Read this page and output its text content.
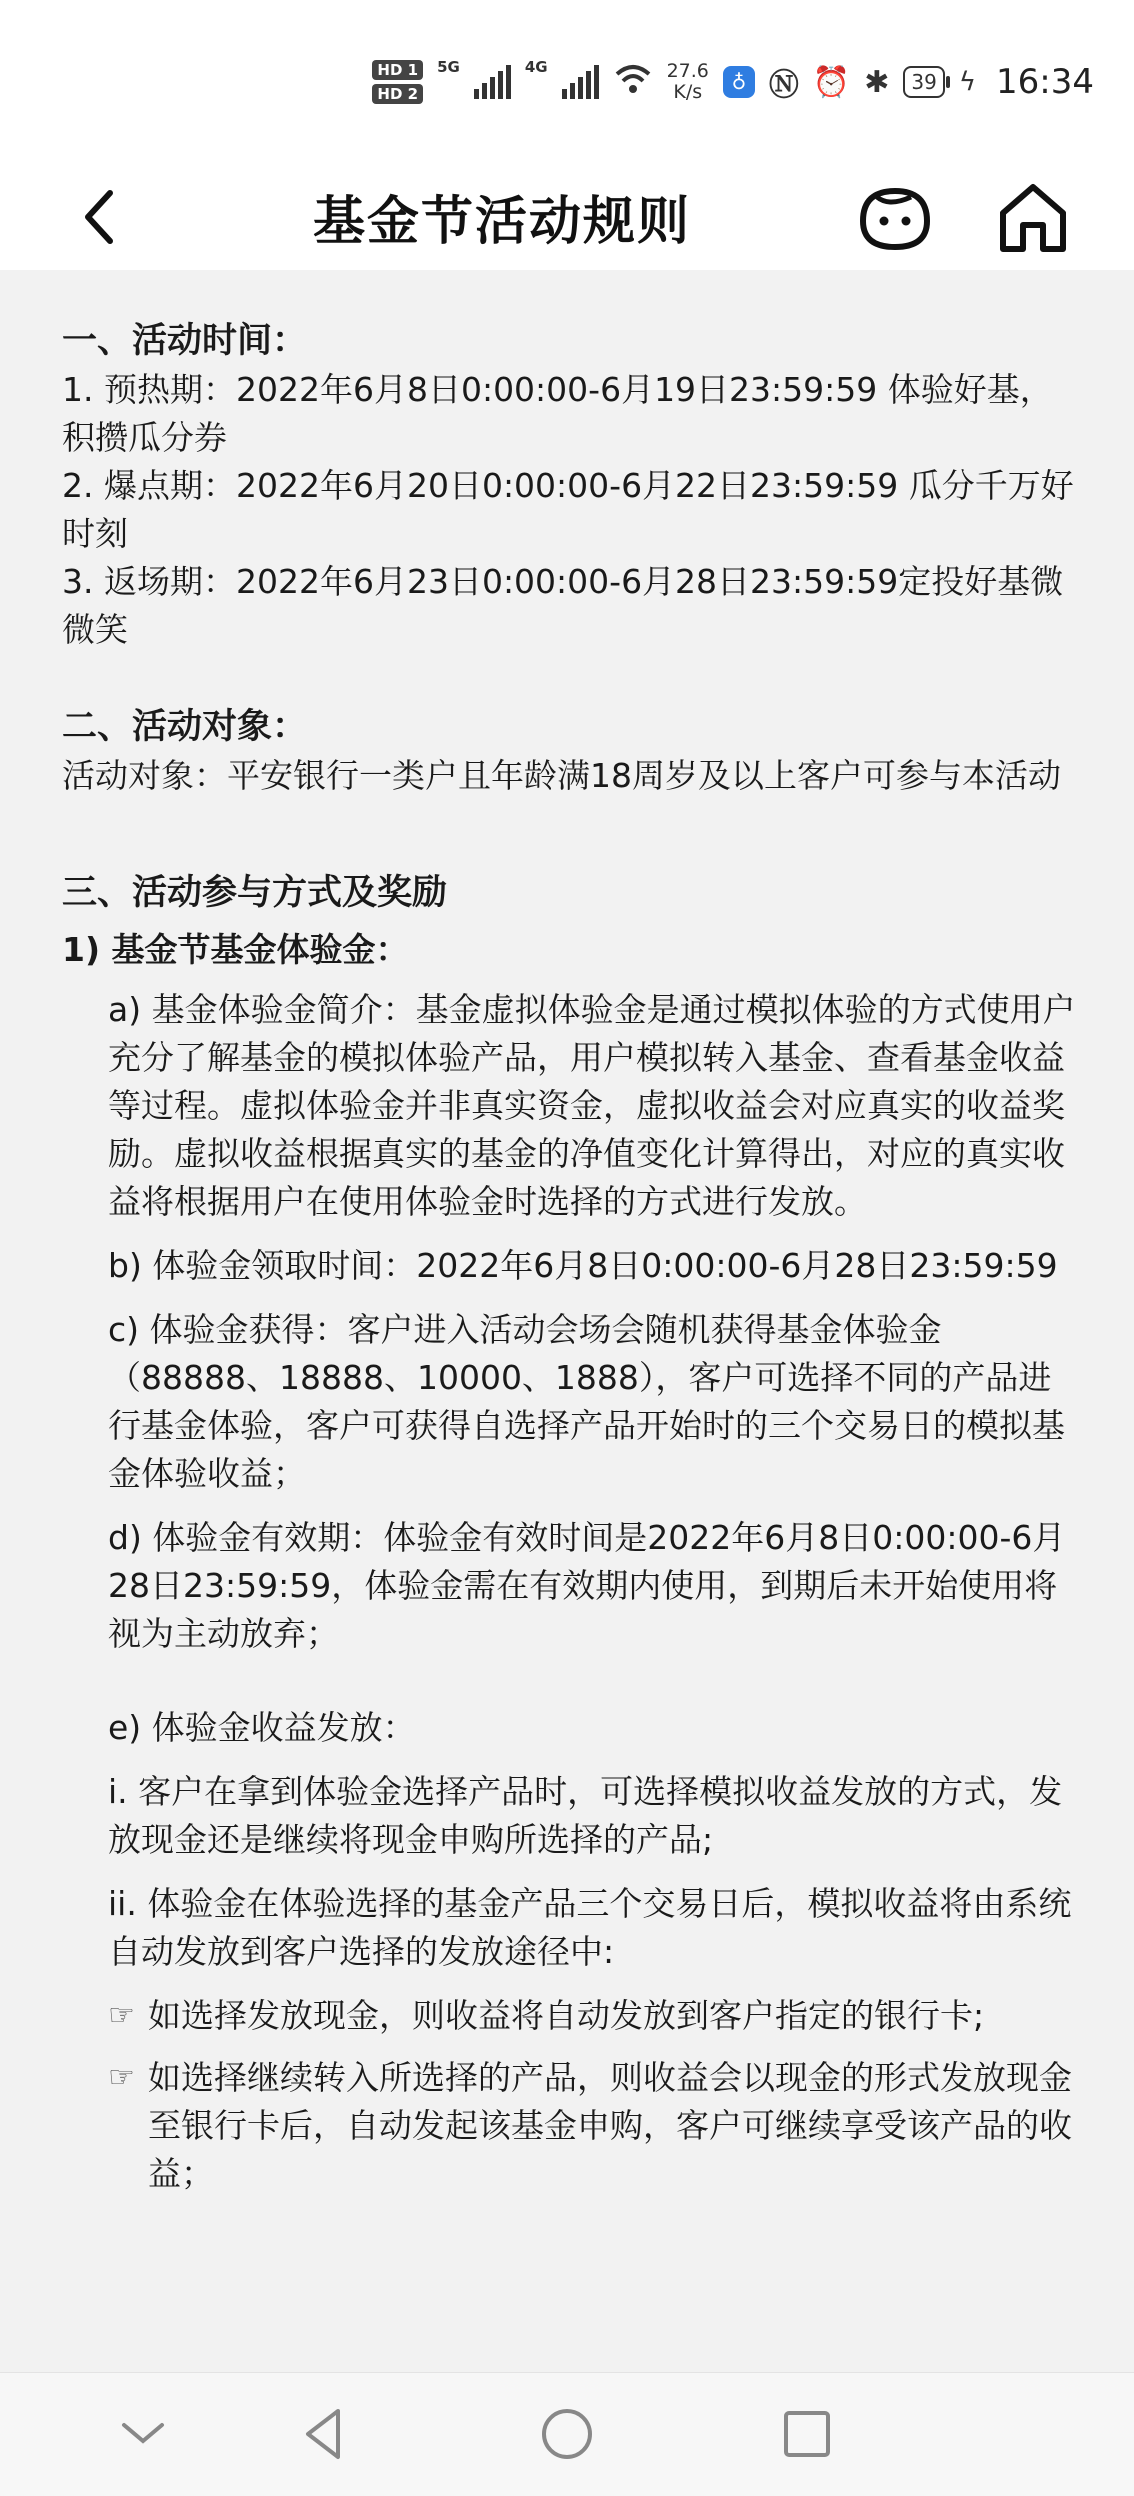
HD 1
HD 2
5G	4G	27.6
K/s	♁ Ⓝ ⏰ ✱	39 ϟ 16:34
基金节活动规则
一、活动时间：

1. 预热期：2022年6月8日0:00:00-6月19日23:59:59 体验好基，积攒瓜分券

2. 爆点期：2022年6月20日0:00:00-6月22日23:59:59 瓜分千万好时刻

3. 返场期：2022年6月23日0:00:00-6月28日23:59:59定投好基微微笑

二、活动对象：

活动对象：平安银行一类户且年龄满18周岁及以上客户可参与本活动

三、活动参与方式及奖励
1) 基金节基金体验金：

a) 基金体验金简介：基金虚拟体验金是通过模拟体验的方式使用户充分了解基金的模拟体验产品，用户模拟转入基金、查看基金收益等过程。虚拟体验金并非真实资金，虚拟收益会对应真实的收益奖励。虚拟收益根据真实的基金的净值变化计算得出，对应的真实收益将根据用户在使用体验金时选择的方式进行发放。

b) 体验金领取时间：2022年6月8日0:00:00-6月28日23:59:59

c) 体验金获得：客户进入活动会场会随机获得基金体验金（88888、18888、10000、1888），客户可选择不同的产品进行基金体验，客户可获得自选择产品开始时的三个交易日的模拟基金体验收益；

d) 体验金有效期：体验金有效时间是2022年6月8日0:00:00-6月28日23:59:59，体验金需在有效期内使用，到期后未开始使用将视为主动放弃；

e) 体验金收益发放：

i. 客户在拿到体验金选择产品时，可选择模拟收益发放的方式，发放现金还是继续将现金申购所选择的产品;

ii. 体验金在体验选择的基金产品三个交易日后，模拟收益将由系统自动发放到客户选择的发放途径中:

☞ 如选择发放现金，则收益将自动发放到客户指定的银行卡;
☞ 如选择继续转入所选择的产品，则收益会以现金的形式发放现金至银行卡后，自动发起该基金申购，客户可继续享受该产品的收益；
